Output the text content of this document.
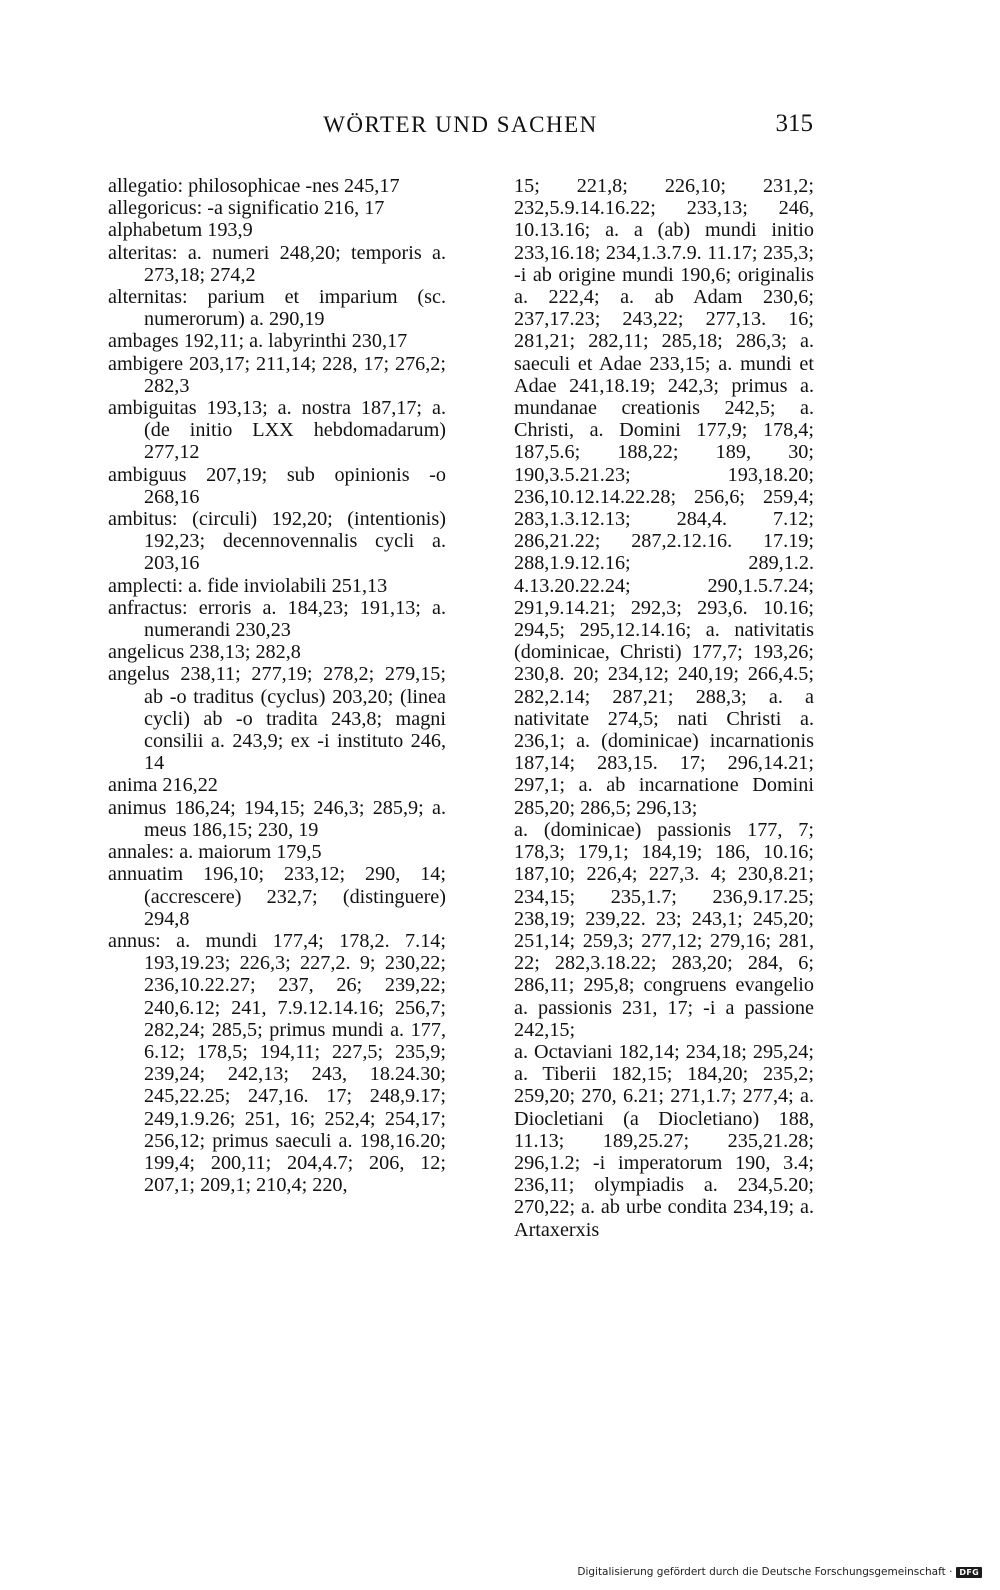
WÖRTER UND SACHEN	315

allegatio: philosophicae -nes 245,17

allegoricus: -a significatio 216, 17

alphabetum 193,9

alteritas: a. numeri 248,20; temporis a. 273,18; 274,2

alternitas: parium et imparium (sc. numerorum) a. 290,19

ambages 192,11; a. labyrinthi 230,17

ambigere 203,17; 211,14; 228, 17; 276,2; 282,3

ambiguitas 193,13; a. nostra 187,17; a. (de initio LXX hebdomadarum) 277,12

ambiguus 207,19; sub opinionis -o 268,16

ambitus: (circuli) 192,20; (intentionis) 192,23; decennovennalis cycli a. 203,16

amplecti: a. fide inviolabili 251,13

anfractus: erroris a. 184,23; 191,13; a. numerandi 230,23

angelicus 238,13; 282,8

angelus 238,11; 277,19; 278,2; 279,15; ab -o traditus (cyclus) 203,20; (linea cycli) ab -o tradita 243,8; magni consilii a. 243,9; ex -i instituto 246, 14

anima 216,22

animus 186,24; 194,15; 246,3; 285,9; a. meus 186,15; 230, 19

annales: a. maiorum 179,5

annuatim 196,10; 233,12; 290, 14; (accrescere) 232,7; (distinguere) 294,8

annus: a. mundi 177,4; 178,2. 7.14; 193,19.23; 226,3; 227,2. 9; 230,22; 236,10.22.27; 237, 26; 239,22; 240,6.12; 241, 7.9.12.14.16; 256,7; 282,24; 285,5; primus mundi a. 177, 6.12; 178,5; 194,11; 227,5; 235,9; 239,24; 242,13; 243, 18.24.30; 245,22.25; 247,16. 17; 248,9.17; 249,1.9.26; 251, 16; 252,4; 254,17; 256,12; primus saeculi a. 198,16.20; 199,4; 200,11; 204,4.7; 206, 12; 207,1; 209,1; 210,4; 220,

15; 221,8; 226,10; 231,2; 232,5.9.14.16.22; 233,13; 246, 10.13.16; a. a (ab) mundi initio 233,16.18; 234,1.3.7.9. 11.17; 235,3; -i ab origine mundi 190,6; originalis a. 222,4; a. ab Adam 230,6; 237,17.23; 243,22; 277,13. 16; 281,21; 282,11; 285,18; 286,3; a. saeculi et Adae 233,15; a. mundi et Adae 241,18.19; 242,3; primus a. mundanae creationis 242,5; a. Christi, a. Domini 177,9; 178,4; 187,5.6; 188,22; 189, 30; 190,3.5.21.23; 193,18.20; 236,10.12.14.22.28; 256,6; 259,4; 283,1.3.12.13; 284,4. 7.12; 286,21.22; 287,2.12.16. 17.19; 288,1.9.12.16; 289,1.2. 4.13.20.22.24; 290,1.5.7.24; 291,9.14.21; 292,3; 293,6. 10.16; 294,5; 295,12.14.16; a. nativitatis (dominicae, Christi) 177,7; 193,26; 230,8. 20; 234,12; 240,19; 266,4.5; 282,2.14; 287,21; 288,3; a. a nativitate 274,5; nati Christi a. 236,1; a. (dominicae) incarnationis 187,14; 283,15. 17; 296,14.21; 297,1; a. ab incarnatione Domini 285,20; 286,5; 296,13;

a. (dominicae) passionis 177, 7; 178,3; 179,1; 184,19; 186, 10.16; 187,10; 226,4; 227,3. 4; 230,8.21; 234,15; 235,1.7; 236,9.17.25; 238,19; 239,22. 23; 243,1; 245,20; 251,14; 259,3; 277,12; 279,16; 281, 22; 282,3.18.22; 283,20; 284, 6; 286,11; 295,8; congruens evangelio a. passionis 231, 17; -i a passione 242,15;

a. Octaviani 182,14; 234,18; 295,24; a. Tiberii 182,15; 184,20; 235,2; 259,20; 270, 6.21; 271,1.7; 277,4; a. Diocletiani (a Diocletiano) 188, 11.13; 189,25.27; 235,21.28; 296,1.2; -i imperatorum 190, 3.4; 236,11; olympiadis a. 234,5.20; 270,22; a. ab urbe condita 234,19; a. Artaxerxis

Digitalisierung gefördert durch die Deutsche Forschungsgemeinschaft · DFG
